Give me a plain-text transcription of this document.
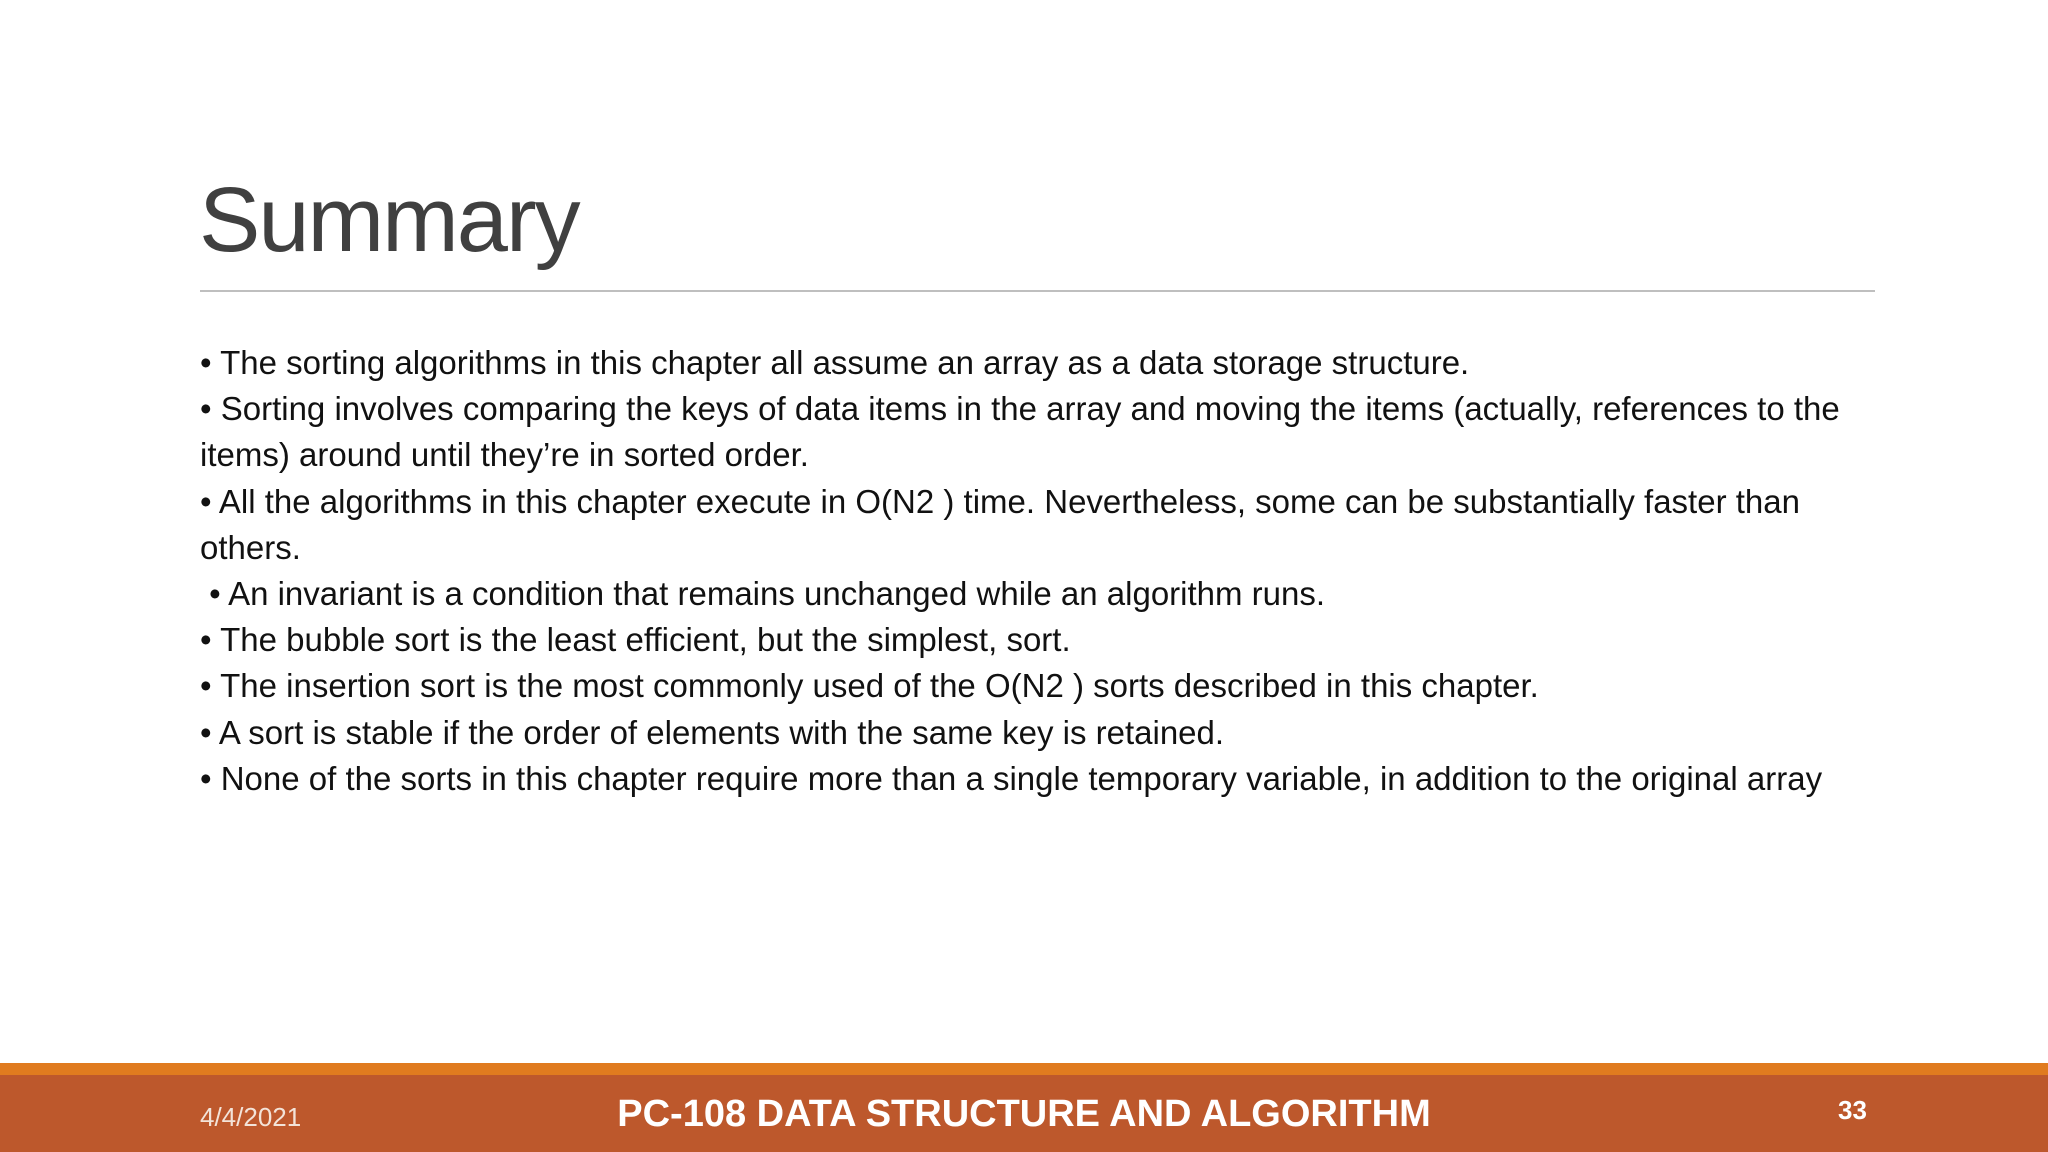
Summary

• The sorting algorithms in this chapter all assume an array as a data storage structure.

• Sorting involves comparing the keys of data items in the array and moving the items (actually, references to the items) around until they’re in sorted order.

• All the algorithms in this chapter execute in O(N2 ) time. Nevertheless, some can be substantially faster than others.

• An invariant is a condition that remains unchanged while an algorithm runs.

• The bubble sort is the least efficient, but the simplest, sort.

• The insertion sort is the most commonly used of the O(N2 ) sorts described in this chapter.

• A sort is stable if the order of elements with the same key is retained.

• None of the sorts in this chapter require more than a single temporary variable, in addition to the original array

4/4/2021	PC-108 DATA STRUCTURE AND ALGORITHM	33
